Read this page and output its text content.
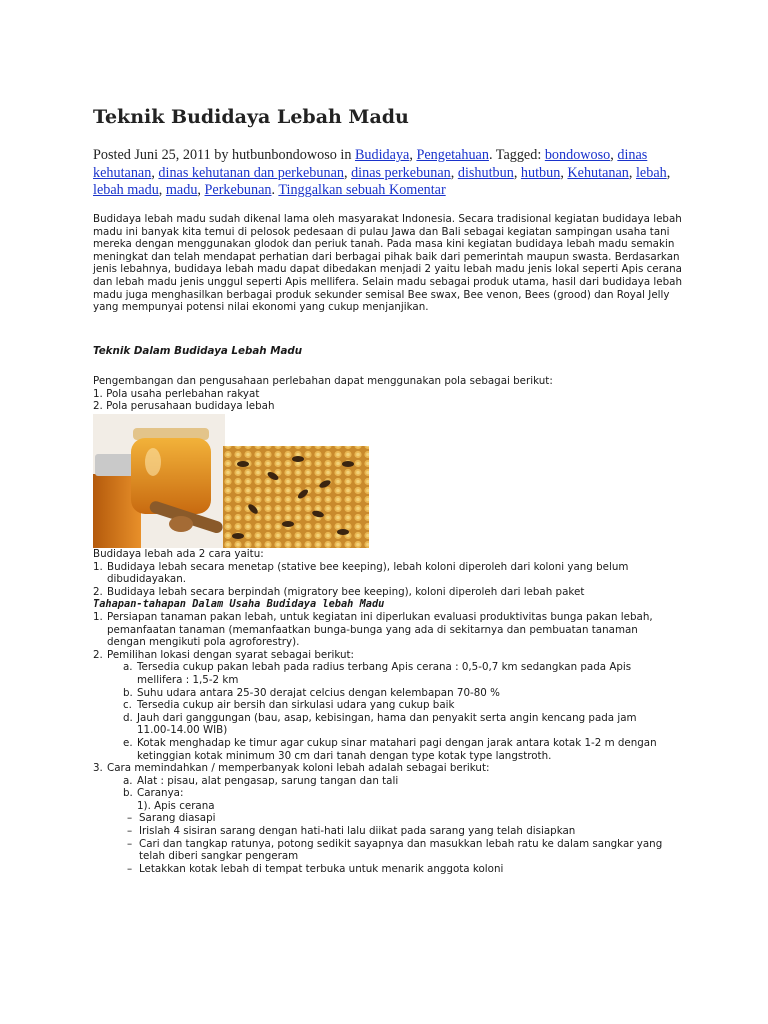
Teknik Budidaya Lebah Madu
Posted Juni 25, 2011 by hutbunbondowoso in Budidaya, Pengetahuan. Tagged: bondowoso, dinas kehutanan, dinas kehutanan dan perkebunan, dinas perkebunan, dishutbun, hutbun, Kehutanan, lebah, lebah madu, madu, Perkebunan. Tinggalkan sebuah Komentar

Budidaya lebah madu sudah dikenal lama oleh masyarakat Indonesia. Secara tradisional kegiatan budidaya lebah madu ini banyak kita temui di pelosok pedesaan di pulau Jawa dan Bali sebagai kegiatan sampingan usaha tani mereka dengan menggunakan glodok dan periuk tanah. Pada masa kini kegiatan budidaya lebah madu semakin meningkat dan telah mendapat perhatian dari berbagai pihak baik dari pemerintah maupun swasta. Berdasarkan jenis lebahnya, budidaya lebah madu dapat dibedakan menjadi 2 yaitu lebah madu jenis lokal seperti Apis cerana dan lebah madu jenis unggul seperti Apis mellifera. Selain madu sebagai produk utama, hasil dari budidaya lebah madu juga menghasilkan berbagai produk sekunder semisal Bee swax, Bee venon, Bees (grood) dan Royal Jelly yang mempunyai potensi nilai ekonomi yang cukup menjanjikan.

Teknik Dalam Budidaya Lebah Madu

Pengembangan dan pengusahaan perlebahan dapat menggunakan pola sebagai berikut:
1. Pola usaha perlebahan rakyat
2. Pola perusahaan budidaya lebah

Budidaya lebah ada 2 cara yaitu:

1. Budidaya lebah secara menetap (stative bee keeping), lebah koloni diperoleh dari koloni yang belum dibudidayakan.
2. Budidaya lebah secara berpindah (migratory bee keeping), koloni diperoleh dari lebah paket

Tahapan-tahapan Dalam Usaha Budidaya lebah Madu

1. Persiapan tanaman pakan lebah, untuk kegiatan ini diperlukan evaluasi produktivitas bunga pakan lebah, pemanfaatan tanaman (memanfaatkan bunga-bunga yang ada di sekitarnya dan pembuatan tanaman dengan mengikuti pola agroforestry).
2. Pemilihan lokasi dengan syarat sebagai berikut:
a. Tersedia cukup pakan lebah pada radius terbang Apis cerana : 0,5-0,7 km sedangkan pada Apis mellifera : 1,5-2 km
b. Suhu udara antara 25-30 derajat celcius dengan kelembapan 70-80 %
c. Tersedia cukup air bersih dan sirkulasi udara yang cukup baik
d. Jauh dari ganggungan (bau, asap, kebisingan, hama dan penyakit serta angin kencang pada jam 11.00-14.00 WIB)
e. Kotak menghadap ke timur agar cukup sinar matahari pagi dengan jarak antara kotak 1-2 m dengan ketinggian kotak minimum 30 cm dari tanah dengan type kotak type langstroth.
3. Cara memindahkan / memperbanyak koloni lebah adalah sebagai berikut:
a. Alat : pisau, alat pengasap, sarung tangan dan tali
b. Caranya:
1). Apis cerana
– Sarang diasapi
– Irislah 4 sisiran sarang dengan hati-hati lalu diikat pada sarang yang telah disiapkan
– Cari dan tangkap ratunya, potong sedikit sayapnya dan masukkan lebah ratu ke dalam sangkar yang telah diberi sangkar pengeram
– Letakkan kotak lebah di tempat terbuka untuk menarik anggota koloni
